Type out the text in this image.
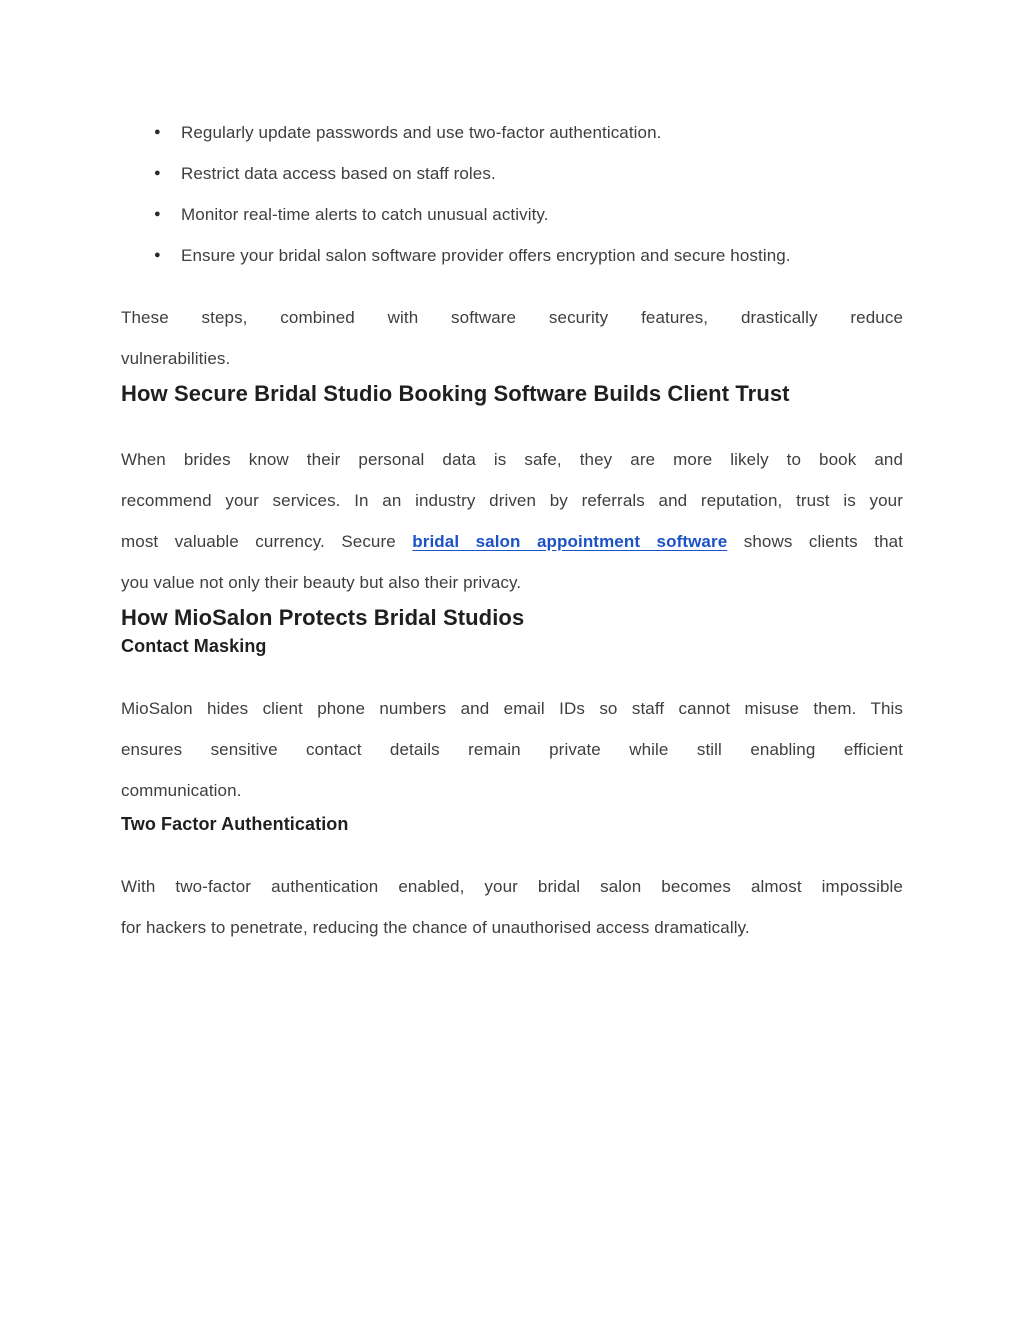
● Regularly update passwords and use two-factor authentication.
● Restrict data access based on staff roles.
● Monitor real-time alerts to catch unusual activity.
● Ensure your bridal salon software provider offers encryption and secure hosting.
These steps, combined with software security features, drastically reduce
vulnerabilities.
How Secure Bridal Studio Booking Software Builds Client Trust
When brides know their personal data is safe, they are more likely to book and
recommend your services. In an industry driven by referrals and reputation, trust is your
most valuable currency. Secure bridal salon appointment software shows clients that
you value not only their beauty but also their privacy.
How MioSalon Protects Bridal Studios
Contact Masking
MioSalon hides client phone numbers and email IDs so staff cannot misuse them. This
ensures sensitive contact details remain private while still enabling efficient
communication.
Two Factor Authentication
With two-factor authentication enabled, your bridal salon becomes almost impossible
for hackers to penetrate, reducing the chance of unauthorised access dramatically.
